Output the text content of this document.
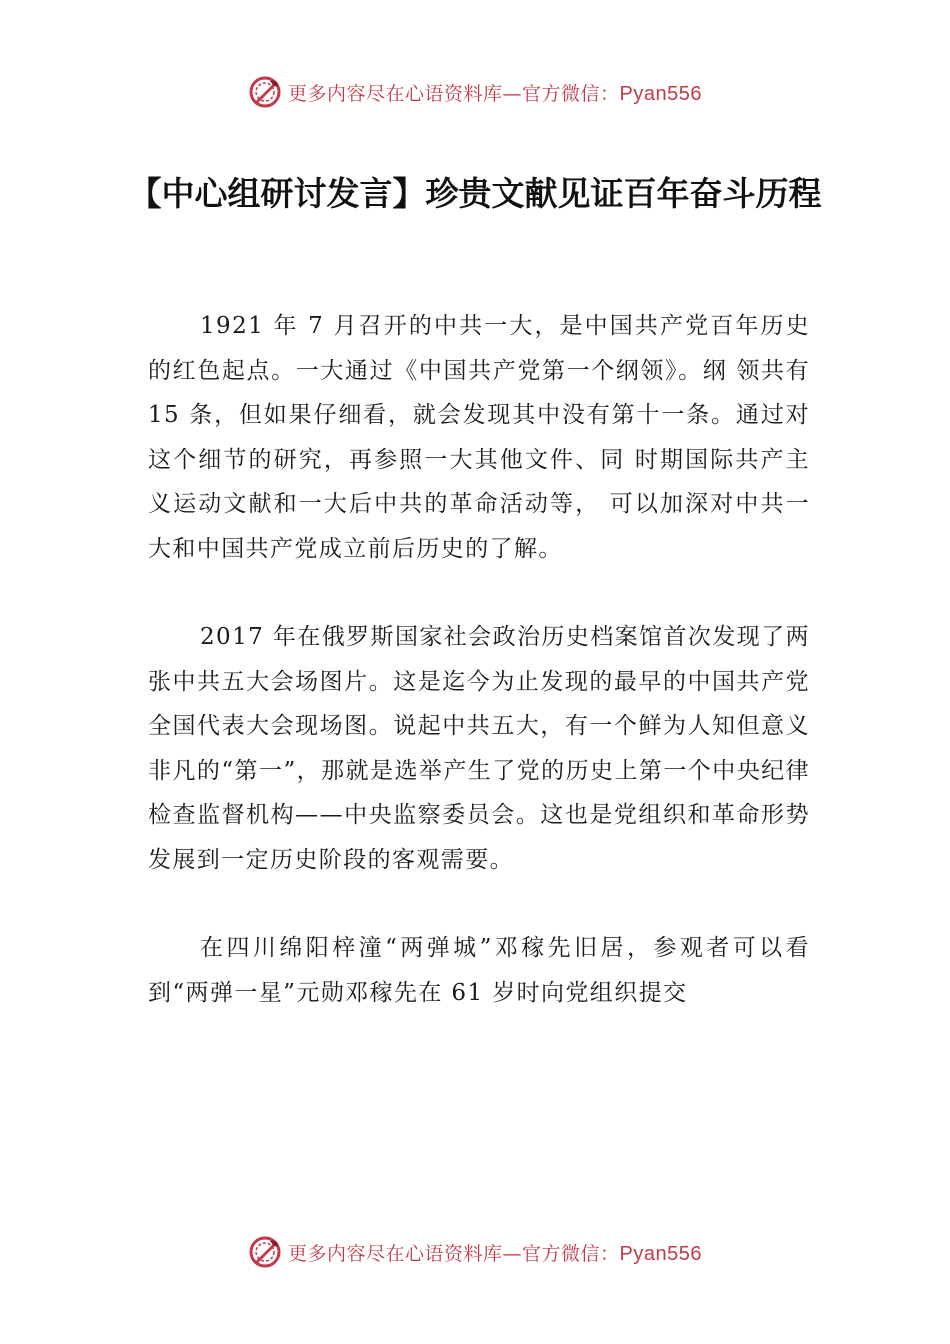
更多内容尽在心语资料库—官方微信：Pyan556
【中心组研讨发言】珍贵文献见证百年奋斗历程

1921 年 7 月召开的中共一大，是中国共产党百年历史的红色起点。一大通过《中国共产党第一个纲领》。纲 领共有 15 条，但如果仔细看，就会发现其中没有第十一条。通过对这个细节的研究，再参照一大其他文件、同 时期国际共产主义运动文献和一大后中共的革命活动等， 可以加深对中共一大和中国共产党成立前后历史的了解。

2017 年在俄罗斯国家社会政治历史档案馆首次发现了两张中共五大会场图片。这是迄今为止发现的最早的中国共产党全国代表大会现场图。说起中共五大，有一个鲜为人知但意义非凡的“第一”，那就是选举产生了党的历史上第一个中央纪律检查监督机构——中央监察委员会。这也是党组织和革命形势发展到一定历史阶段的客观需要。

在四川绵阳梓潼“两弹城”邓稼先旧居，参观者可以看到“两弹一星”元勋邓稼先在 61 岁时向党组织提交

更多内容尽在心语资料库—官方微信：Pyan556
